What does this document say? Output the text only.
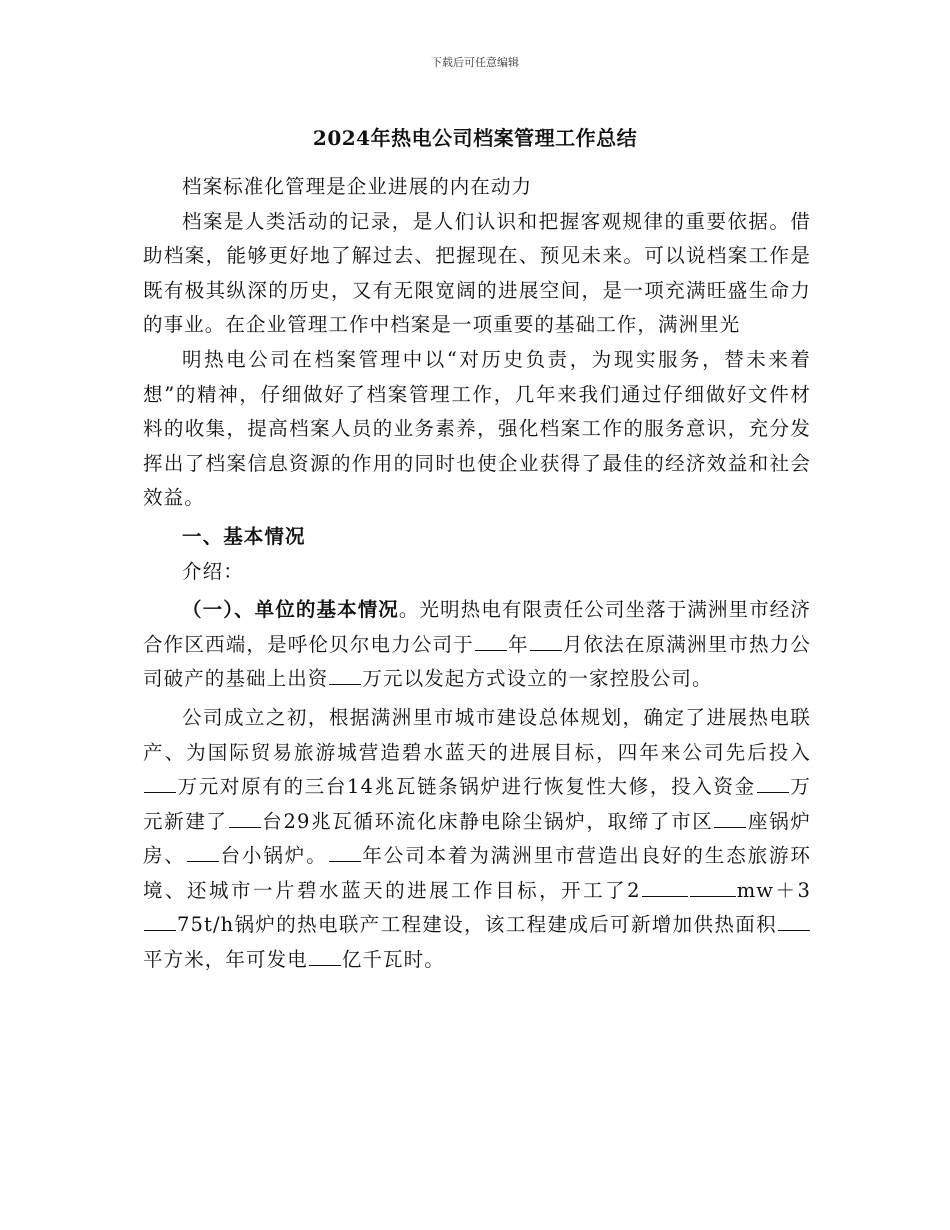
下载后可任意编辑
2024年热电公司档案管理工作总结

档案标准化管理是企业进展的内在动力

档案是人类活动的记录，是人们认识和把握客观规律的重要依据。借助档案，能够更好地了解过去、把握现在、预见未来。可以说档案工作是既有极其纵深的历史，又有无限宽阔的进展空间，是一项充满旺盛生命力的事业。在企业管理工作中档案是一项重要的基础工作，满洲里光

明热电公司在档案管理中以“对历史负责，为现实服务，替未来着想”的精神，仔细做好了档案管理工作，几年来我们通过仔细做好文件材料的收集，提高档案人员的业务素养，强化档案工作的服务意识，充分发挥出了档案信息资源的作用的同时也使企业获得了最佳的经济效益和社会效益。

一、基本情况

介绍：

（一）、单位的基本情况。光明热电有限责任公司坐落于满洲里市经济合作区西端，是呼伦贝尔电力公司于 年 月依法在原满洲里市热力公司破产的基础上出资 万元以发起方式设立的一家控股公司。

公司成立之初，根据满洲里市城市建设总体规划，确定了进展热电联产、为国际贸易旅游城营造碧水蓝天的进展目标，四年来公司先后投入万元对原有的三台14兆瓦链条锅炉进行恢复性大修，投入资金 万元新建了 台29兆瓦循环流化床静电除尘锅炉，取缔了市区 座锅炉房、 台小锅炉。 年公司本着为满洲里市营造出良好的生态旅游环境、还城市一片碧水蓝天的进展工作目标，开工了2	mw＋375t/h锅炉的热电联产工程建设，该工程建成后可新增加供热面积平方米，年可发电 亿千瓦时。
